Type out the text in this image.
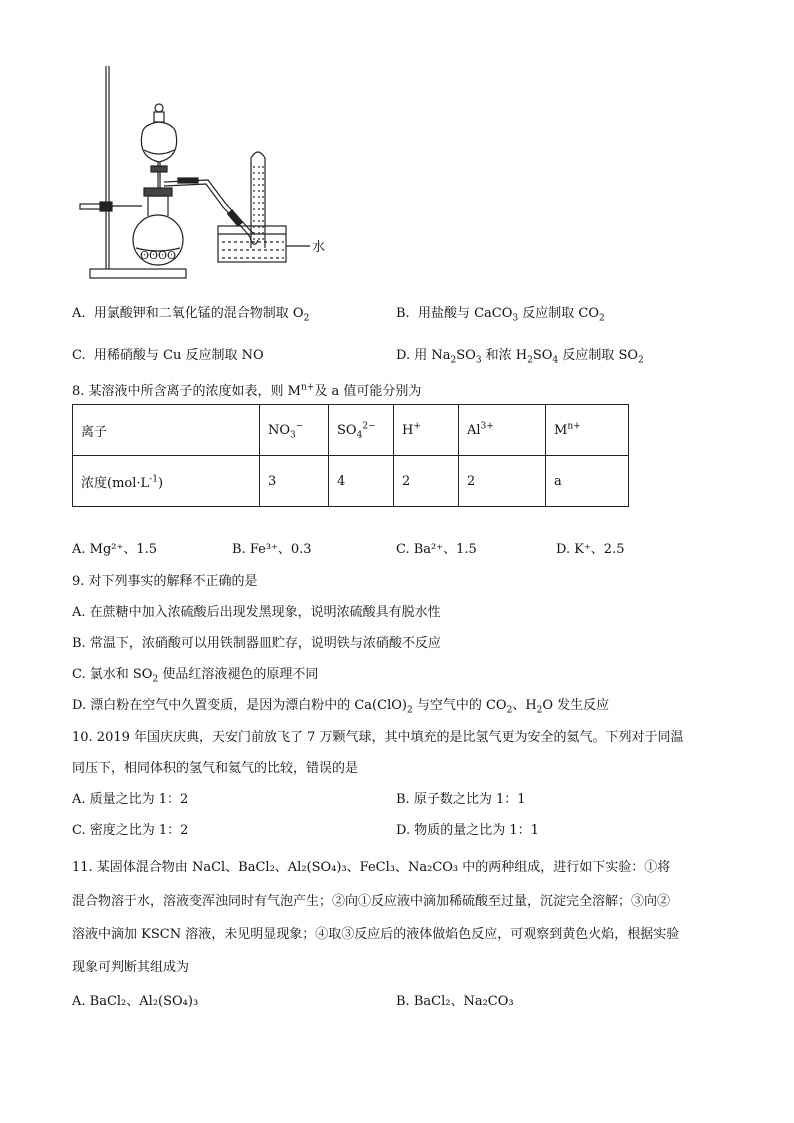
ʘʘʘʘ
水
A. 用氯酸钾和二氧化锰的混合物制取 $O_2$	B. 用盐酸与 CaCO$_3$ 反应制取 $CO_2$
C. 用稀硝酸与 Cu 反应制取 NO	D. 用 $Na_2SO_3$ 和浓 $H_2SO_4$ 反应制取 $SO_2$
8. 某溶液中所含离子的浓度如表，则 $M^{n+}$及 a 值可能分别为
离子	$NO_3^-$	$SO_4^{2-}$	H+	$Al^{3+}$	$M^{n+}$
浓度$(mol\cdot L^{-1})$	3	4	2	2	a
A. Mg²⁺、1.5	B. Fe³⁺、0.3	C. Ba²⁺、1.5	D. K⁺、2.5
9. 对下列事实的解释不正确的是
A. 在蔗糖中加入浓硫酸后出现发黑现象，说明浓硫酸具有脱水性
B. 常温下，浓硝酸可以用铁制器皿贮存，说明铁与浓硝酸不反应
C. 氯水和 $SO_2$ 使品红溶液褪色的原理不同
D. 漂白粉在空气中久置变质，是因为漂白粉中的 $Ca(ClO)_2$ 与空气中的 $CO_2$、$H_2O$ 发生反应
10. 2019 年国庆庆典，天安门前放飞了 7 万颗气球，其中填充的是比氢气更为安全的氦气。下列对于同温
同压下，相同体积的氢气和氦气的比较，错误的是
A. 质量之比为 1：2	B. 原子数之比为 1：1
C. 密度之比为 1：2	D. 物质的量之比为 1：1
11. 某固体混合物由 NaCl、BaCl₂、Al₂(SO₄)₃、FeCl₃、Na₂CO₃ 中的两种组成，进行如下实验：①将
混合物溶于水，溶液变浑浊同时有气泡产生；②向①反应液中滴加稀硫酸至过量，沉淀完全溶解；③向②
溶液中滴加 KSCN 溶液，未见明显现象；④取③反应后的液体做焰色反应，可观察到黄色火焰，根据实验
现象可判断其组成为
A. BaCl₂、Al₂(SO₄)₃	B. BaCl₂、Na₂CO₃
